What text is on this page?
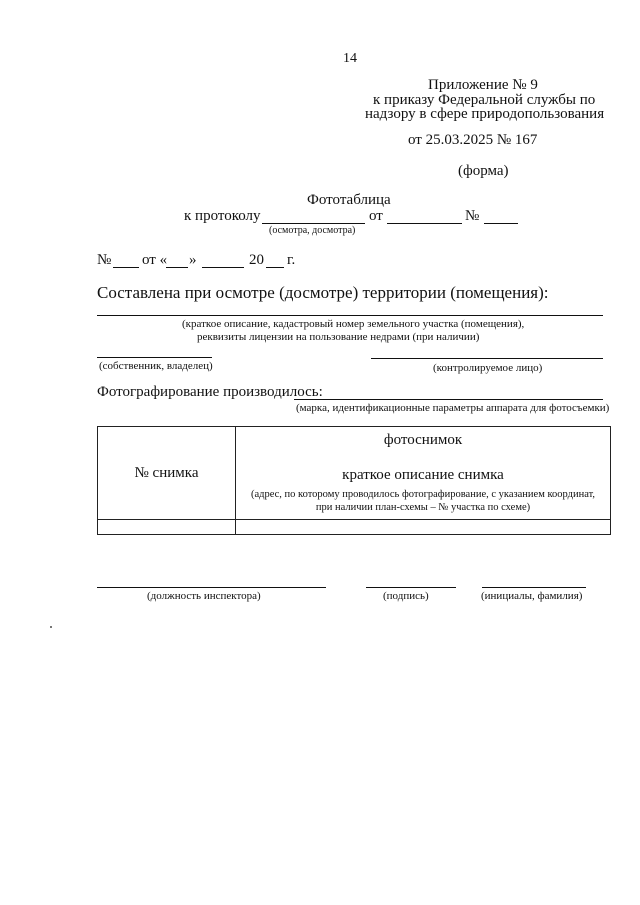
14
Приложение № 9
к приказу Федеральной службы по
надзору в сфере природопользования
от 25.03.2025 № 167
(форма)
Фототаблица
к протоколу	от	№
(осмотра, досмотра)
№ от « »	20 г.
Составлена при осмотре (досмотре) территории (помещения):
(краткое описание, кадастровый номер земельного участка (помещения),
реквизиты лицензии на пользование недрами (при наличии)
(собственник, владелец)	(контролируемое лицо)
Фотографирование производилось:
(марка, идентификационные параметры аппарата для фотосъемки)
№ снимка	фотоснимок
краткое описание снимка
(адрес, по которому проводилось фотографирование, с указанием координат,
при наличии план-схемы – № участка по схеме)

(должность инспектора)	(подпись)	(инициалы, фамилия)
